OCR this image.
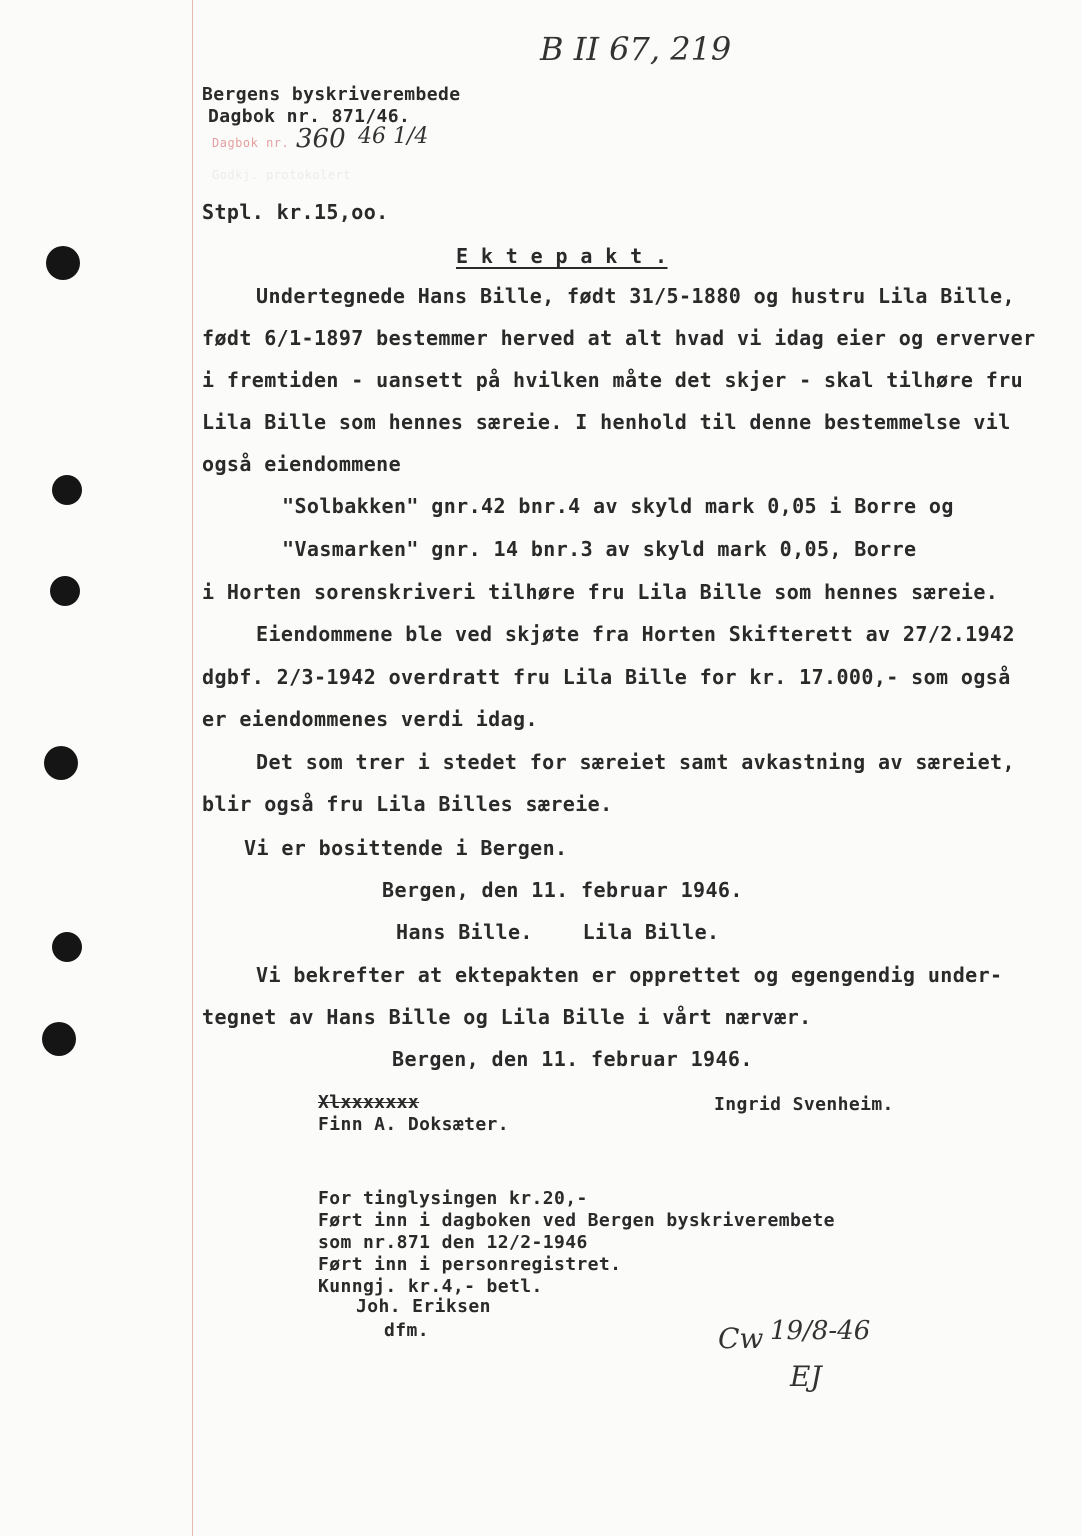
B II 67, 219
Bergens byskriverembede
Dagbok nr. 871/46.
Dagbok nr. 360 46 1/4
Godkj. protokolert
Stpl. kr.15,oo.
E k t e p a k t .
Undertegnede Hans Bille, født 31/5-1880 og hustru Lila Bille,
født 6/1-1897 bestemmer herved at alt hvad vi idag eier og erverver
i fremtiden - uansett på hvilken måte det skjer - skal tilhøre fru
Lila Bille som hennes særeie. I henhold til denne bestemmelse vil
også eiendommene
"Solbakken" gnr.42 bnr.4 av skyld mark 0,05 i Borre og
"Vasmarken" gnr. 14 bnr.3 av skyld mark 0,05, Borre
i Horten sorenskriveri tilhøre fru Lila Bille som hennes særeie.
Eiendommene ble ved skjøte fra Horten Skifterett av 27/2.1942
dgbf. 2/3-1942 overdratt fru Lila Bille for kr. 17.000,- som også
er eiendommenes verdi idag.
Det som trer i stedet for særeiet samt avkastning av særeiet,
blir også fru Lila Billes særeie.
Vi er bosittende i Bergen.
Bergen, den 11. februar 1946.
Hans Bille.    Lila Bille.
Vi bekrefter at ektepakten er opprettet og egengendig under-
tegnet av Hans Bille og Lila Bille i vårt nærvær.
Bergen, den 11. februar 1946.
Xlxxxxxxx
Finn A. Doksæter.
Ingrid Svenheim.
For tinglysingen kr.20,-
Ført inn i dagboken ved Bergen byskriverembete
som nr.871 den 12/2-1946
Ført inn i personregistret.
Kunngj. kr.4,- betl.
Joh. Eriksen
dfm.	Cw 19/8-46
EJ
